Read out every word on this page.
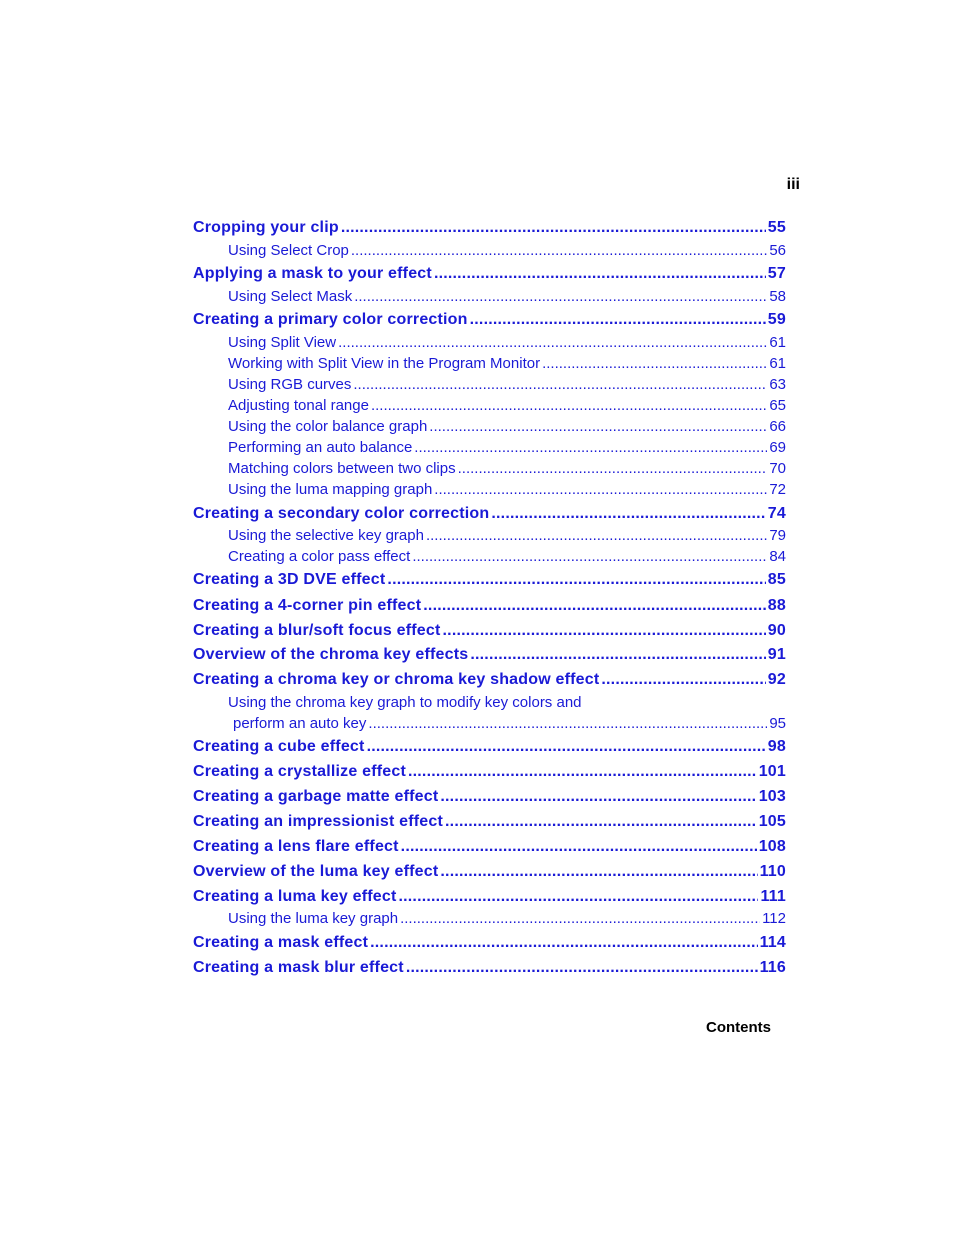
iii
Cropping your clip .....	55
Using Select Crop .....	56
Applying a mask to your effect .....	57
Using Select Mask .....	58
Creating a primary color correction .....	59
Using Split View .....	61
Working with Split View in the Program Monitor .....	61
Using RGB curves .....	63
Adjusting tonal range .....	65
Using the color balance graph .....	66
Performing an auto balance .....	69
Matching colors between two clips .....	70
Using the luma mapping graph .....	72
Creating a secondary color correction .....	74
Using the selective key graph .....	79
Creating a color pass effect .....	84
Creating a 3D DVE effect .....	85
Creating a 4-corner pin effect .....	88
Creating a blur/soft focus effect .....	90
Overview of the chroma key effects .....	91
Creating a chroma key or chroma key shadow effect .....	92
Using the chroma key graph to modify key colors and
perform an auto key .....	95
Creating a cube effect .....	98
Creating a crystallize effect .....	101
Creating a garbage matte effect .....	103
Creating an impressionist effect .....	105
Creating a lens flare effect .....	108
Overview of the luma key effect .....	110
Creating a luma key effect .....	111
Using the luma key graph .....	112
Creating a mask effect .....	114
Creating a mask blur effect .....	116
Contents
